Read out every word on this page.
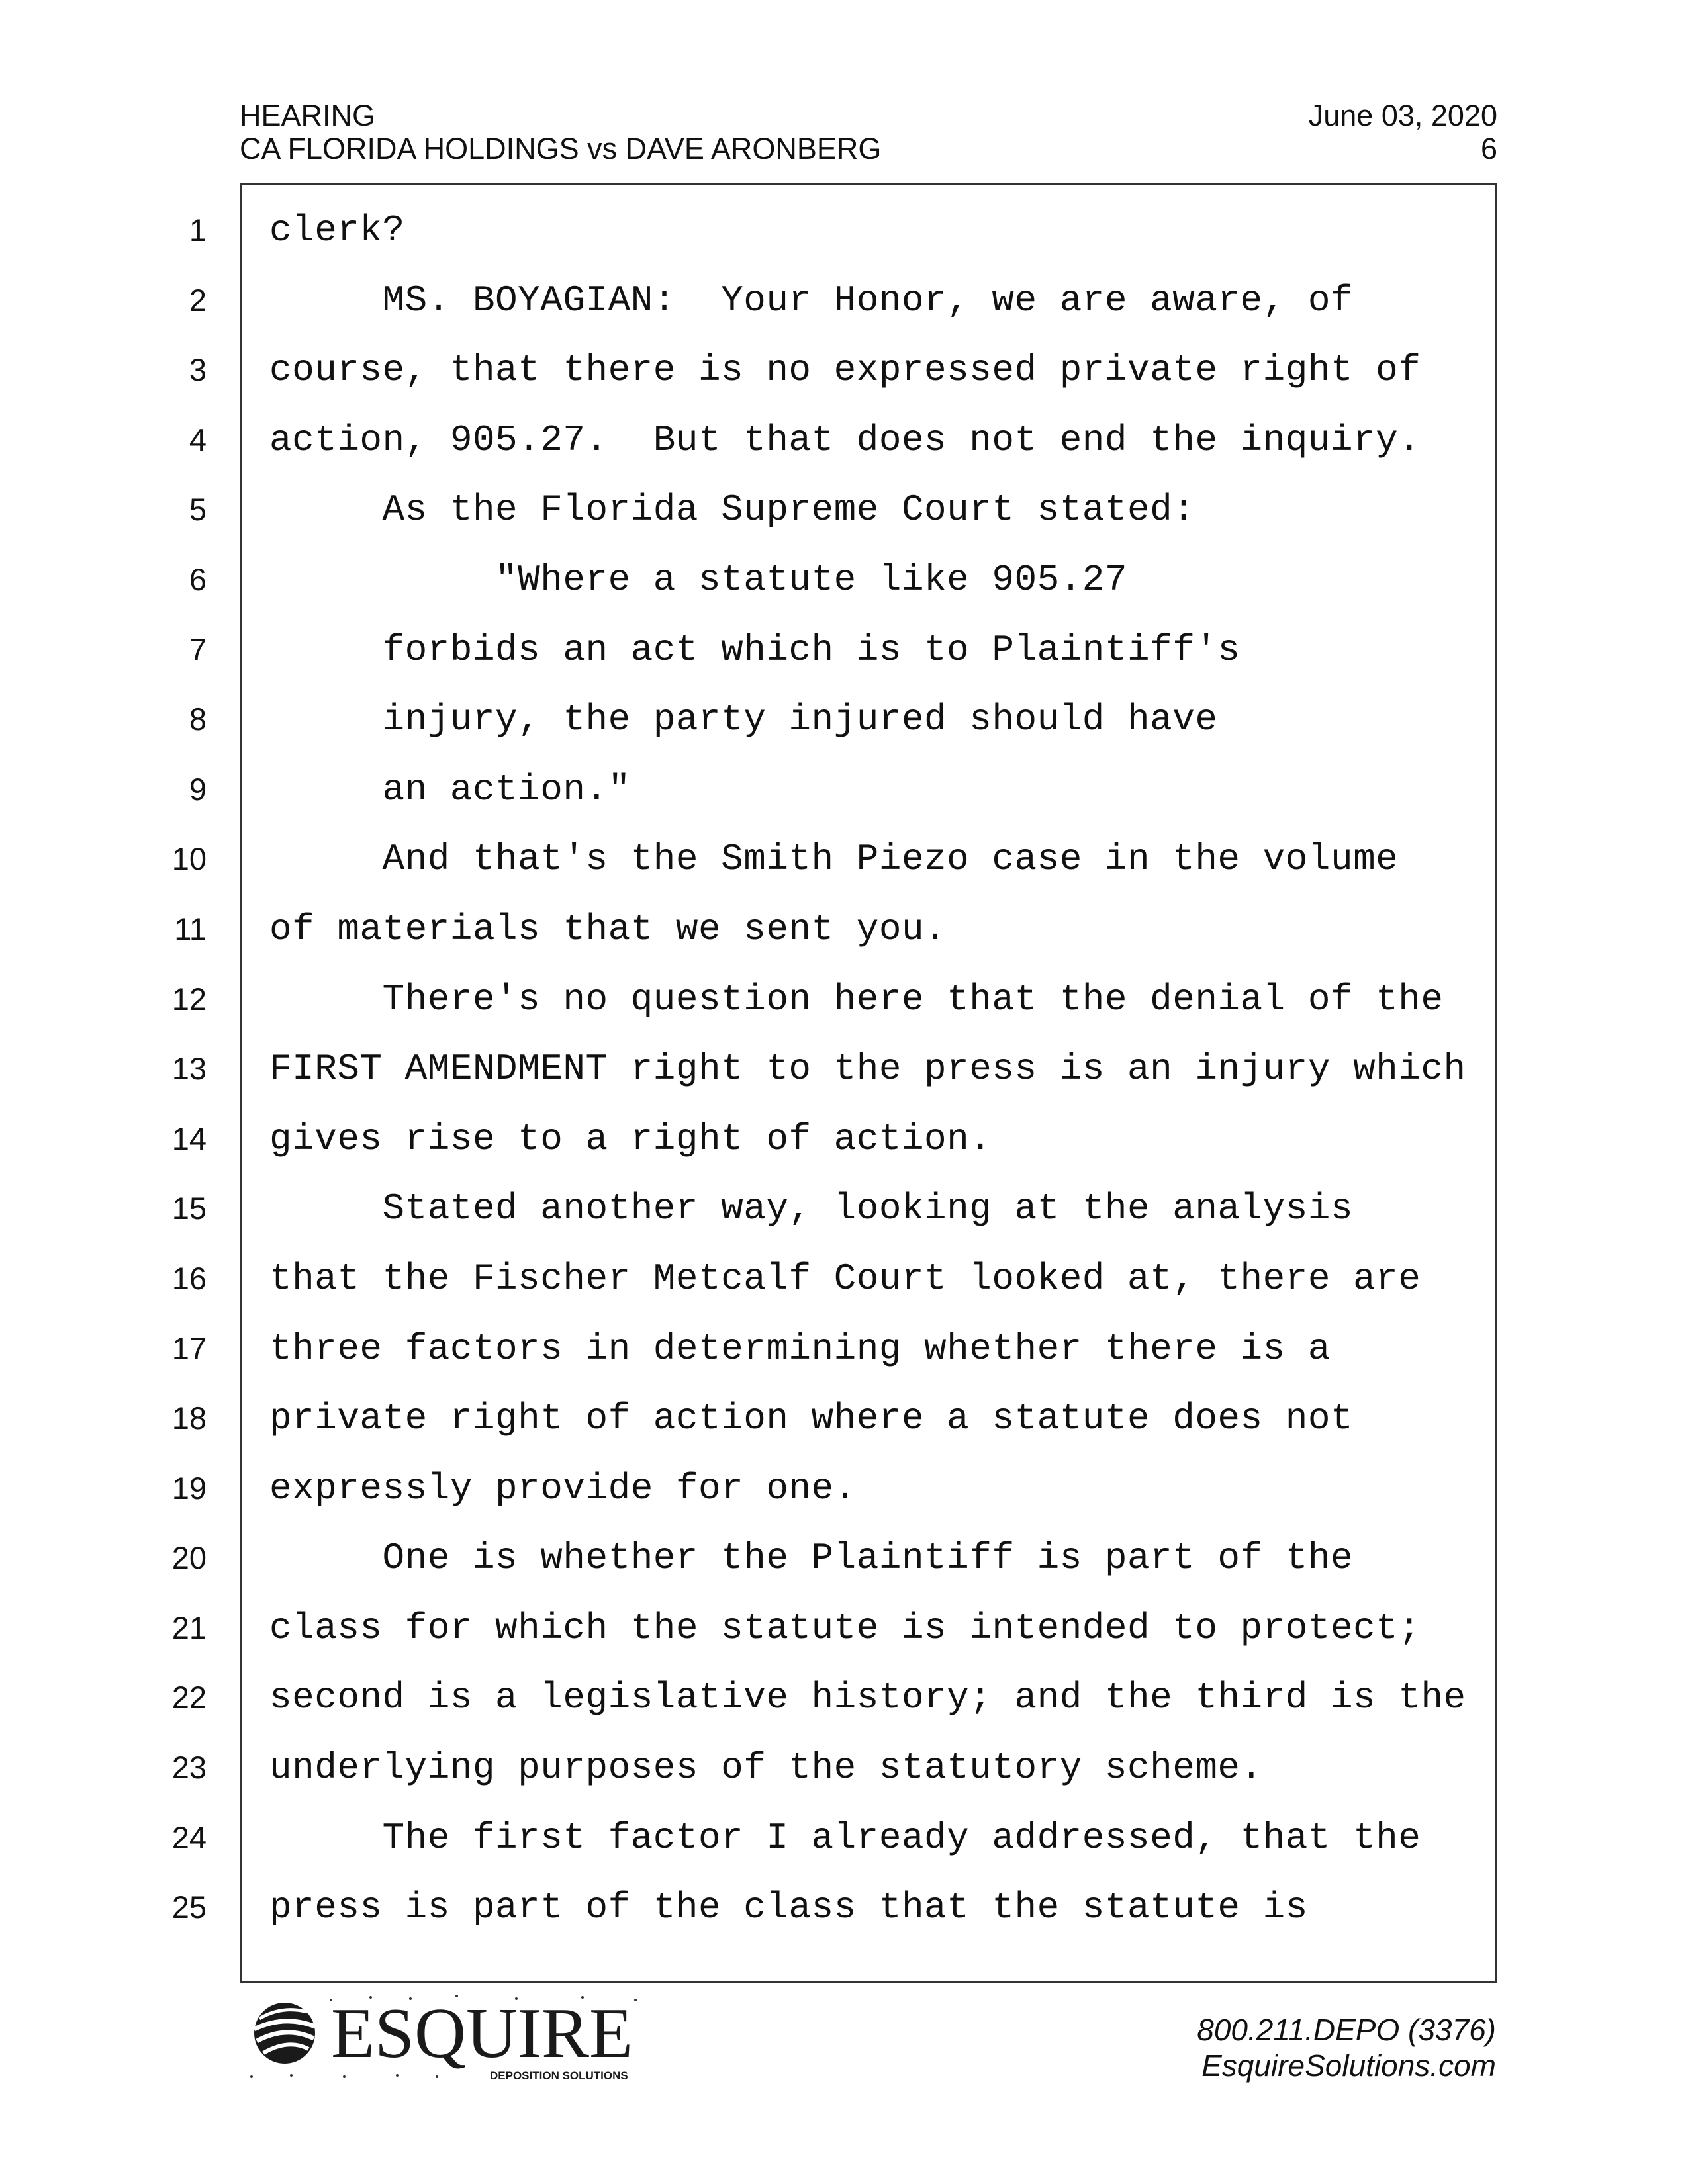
HEARING	June 03, 2020
CA FLORIDA HOLDINGS vs DAVE ARONBERG	6
1
2
3
4
5
6
7
8
9
10
11
12
13
14
15
16
17
18
19
20
21
22
23
24
25
clerk?
MS. BOYAGIAN:  Your Honor, we are aware, of
course, that there is no expressed private right of
action, 905.27.  But that does not end the inquiry.
As the Florida Supreme Court stated:
"Where a statute like 905.27
forbids an act which is to Plaintiff's
injury, the party injured should have
an action."
And that's the Smith Piezo case in the volume
of materials that we sent you.
There's no question here that the denial of the
FIRST AMENDMENT right to the press is an injury which
gives rise to a right of action.
Stated another way, looking at the analysis
that the Fischer Metcalf Court looked at, there are
three factors in determining whether there is a
private right of action where a statute does not
expressly provide for one.
One is whether the Plaintiff is part of the
class for which the statute is intended to protect;
second is a legislative history; and the third is the
underlying purposes of the statutory scheme.
The first factor I already addressed, that the
press is part of the class that the statute is
ESQUIRE
DEPOSITION SOLUTIONS
800.211.DEPO (3376)
EsquireSolutions.com
